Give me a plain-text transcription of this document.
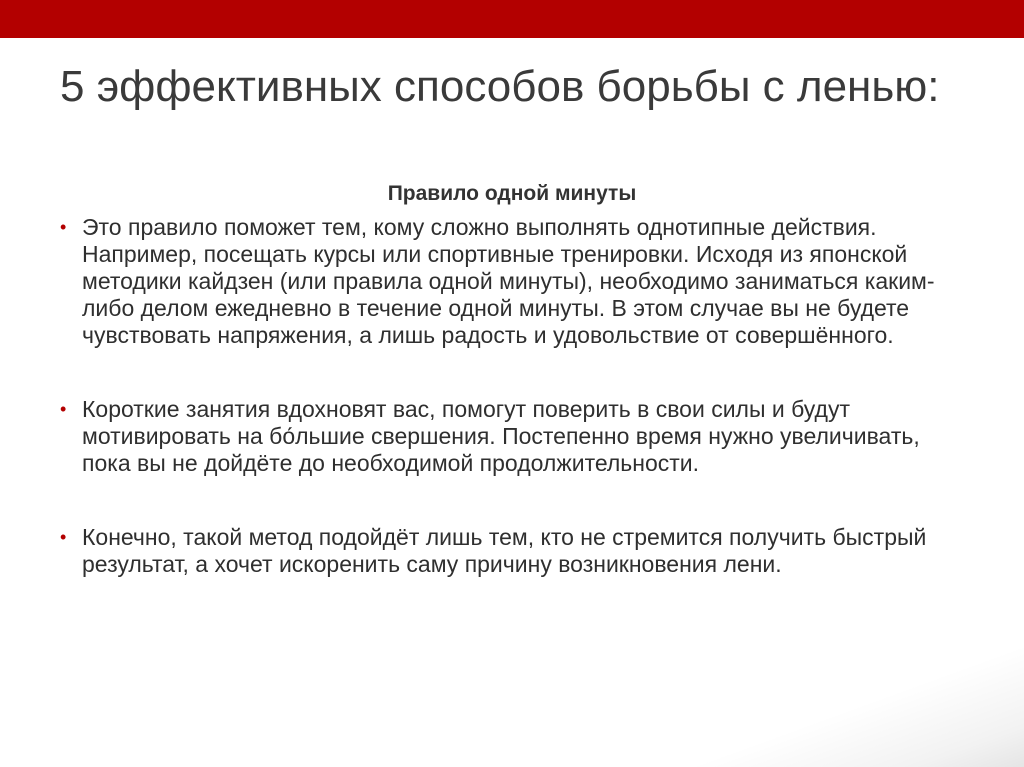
5 эффективных способов борьбы с ленью:
Правило одной минуты
• Это правило поможет тем, кому сложно выполнять однотипные действия. Например, посещать курсы или спортивные тренировки. Исходя из японской методики кайдзен (или правила одной минуты), необходимо заниматься каким-либо делом ежедневно в течение одной минуты. В этом случае вы не будете чувствовать напряжения, а лишь радость и удовольствие от совершённого.
• Короткие занятия вдохновят вас, помогут поверить в свои силы и будут мотивировать на бо́льшие свершения. Постепенно время нужно увеличивать, пока вы не дойдёте до необходимой продолжительности.
• Конечно, такой метод подойдёт лишь тем, кто не стремится получить быстрый результат, а хочет искоренить саму причину возникновения лени.
